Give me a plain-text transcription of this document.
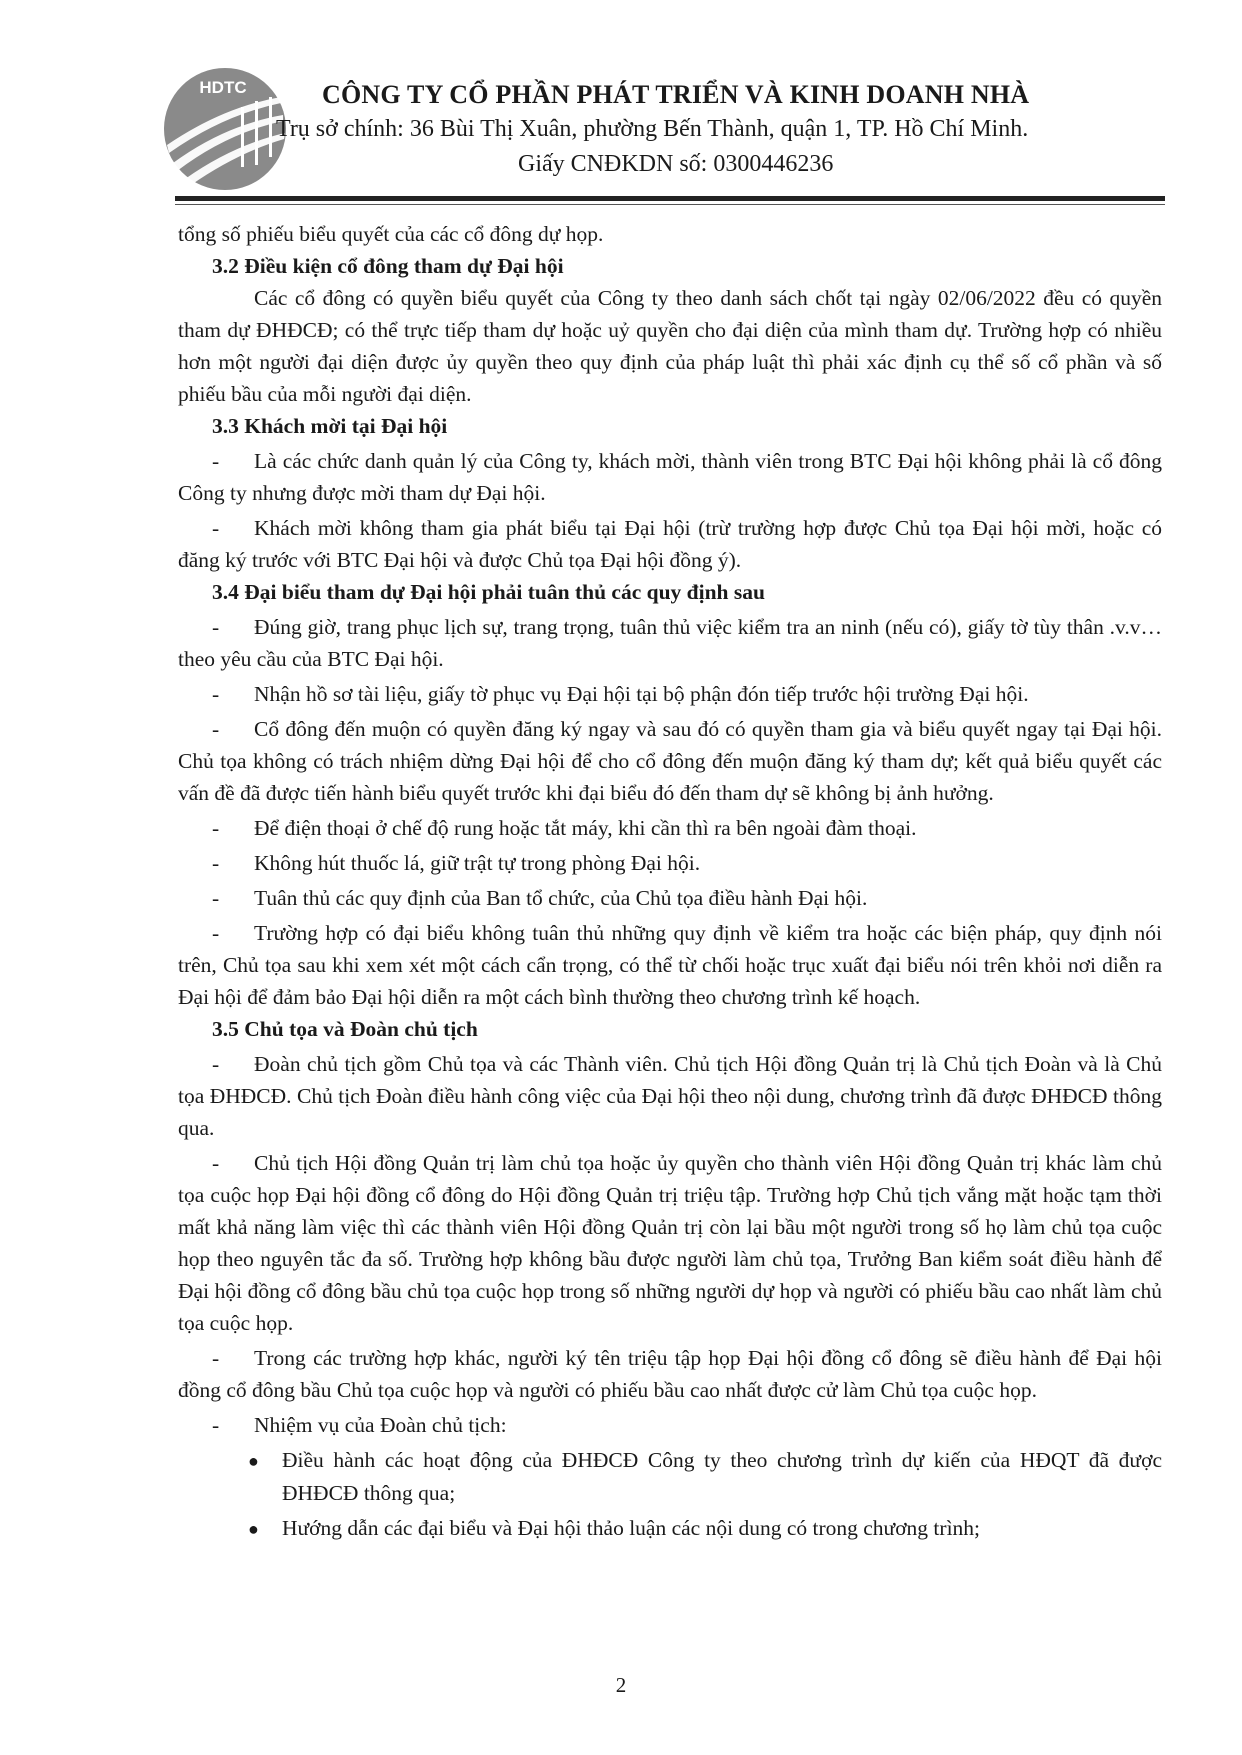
HDTC	CÔNG TY CỔ PHẦN PHÁT TRIỂN VÀ KINH DOANH NHÀ
Trụ sở chính: 36 Bùi Thị Xuân, phường Bến Thành, quận 1, TP. Hồ Chí Minh.
Giấy CNĐKDN số: 0300446236

tổng số phiếu biểu quyết của các cổ đông dự họp.

3.2 Điều kiện cổ đông tham dự Đại hội

Các cổ đông có quyền biểu quyết của Công ty theo danh sách chốt tại ngày 02/06/2022 đều có quyền tham dự ĐHĐCĐ; có thể trực tiếp tham dự hoặc uỷ quyền cho đại diện của mình tham dự. Trường hợp có nhiều hơn một người đại diện được ủy quyền theo quy định của pháp luật thì phải xác định cụ thể số cổ phần và số phiếu bầu của mỗi người đại diện.

3.3 Khách mời tại Đại hội

- Là các chức danh quản lý của Công ty, khách mời, thành viên trong BTC Đại hội không phải là cổ đông Công ty nhưng được mời tham dự Đại hội.

- Khách mời không tham gia phát biểu tại Đại hội (trừ trường hợp được Chủ tọa Đại hội mời, hoặc có đăng ký trước với BTC Đại hội và được Chủ tọa Đại hội đồng ý).

3.4 Đại biểu tham dự Đại hội phải tuân thủ các quy định sau

- Đúng giờ, trang phục lịch sự, trang trọng, tuân thủ việc kiểm tra an ninh (nếu có), giấy tờ tùy thân .v.v…theo yêu cầu của BTC Đại hội.

- Nhận hồ sơ tài liệu, giấy tờ phục vụ Đại hội tại bộ phận đón tiếp trước hội trường Đại hội.

- Cổ đông đến muộn có quyền đăng ký ngay và sau đó có quyền tham gia và biểu quyết ngay tại Đại hội. Chủ tọa không có trách nhiệm dừng Đại hội để cho cổ đông đến muộn đăng ký tham dự; kết quả biểu quyết các vấn đề đã được tiến hành biểu quyết trước khi đại biểu đó đến tham dự sẽ không bị ảnh hưởng.

- Để điện thoại ở chế độ rung hoặc tắt máy, khi cần thì ra bên ngoài đàm thoại.

- Không hút thuốc lá, giữ trật tự trong phòng Đại hội.

- Tuân thủ các quy định của Ban tổ chức, của Chủ tọa điều hành Đại hội.

- Trường hợp có đại biểu không tuân thủ những quy định về kiểm tra hoặc các biện pháp, quy định nói trên, Chủ tọa sau khi xem xét một cách cẩn trọng, có thể từ chối hoặc trục xuất đại biểu nói trên khỏi nơi diễn ra Đại hội để đảm bảo Đại hội diễn ra một cách bình thường theo chương trình kế hoạch.

3.5 Chủ tọa và Đoàn chủ tịch

- Đoàn chủ tịch gồm Chủ tọa và các Thành viên. Chủ tịch Hội đồng Quản trị là Chủ tịch Đoàn và là Chủ tọa ĐHĐCĐ. Chủ tịch Đoàn điều hành công việc của Đại hội theo nội dung, chương trình đã được ĐHĐCĐ thông qua.

- Chủ tịch Hội đồng Quản trị làm chủ tọa hoặc ủy quyền cho thành viên Hội đồng Quản trị khác làm chủ tọa cuộc họp Đại hội đồng cổ đông do Hội đồng Quản trị triệu tập. Trường hợp Chủ tịch vắng mặt hoặc tạm thời mất khả năng làm việc thì các thành viên Hội đồng Quản trị còn lại bầu một người trong số họ làm chủ tọa cuộc họp theo nguyên tắc đa số. Trường hợp không bầu được người làm chủ tọa, Trưởng Ban kiểm soát điều hành để Đại hội đồng cổ đông bầu chủ tọa cuộc họp trong số những người dự họp và người có phiếu bầu cao nhất làm chủ tọa cuộc họp.

- Trong các trường hợp khác, người ký tên triệu tập họp Đại hội đồng cổ đông sẽ điều hành để Đại hội đồng cổ đông bầu Chủ tọa cuộc họp và người có phiếu bầu cao nhất được cử làm Chủ tọa cuộc họp.

- Nhiệm vụ của Đoàn chủ tịch:

● Điều hành các hoạt động của ĐHĐCĐ Công ty theo chương trình dự kiến của HĐQT đã được ĐHĐCĐ thông qua;

● Hướng dẫn các đại biểu và Đại hội thảo luận các nội dung có trong chương trình;

2
